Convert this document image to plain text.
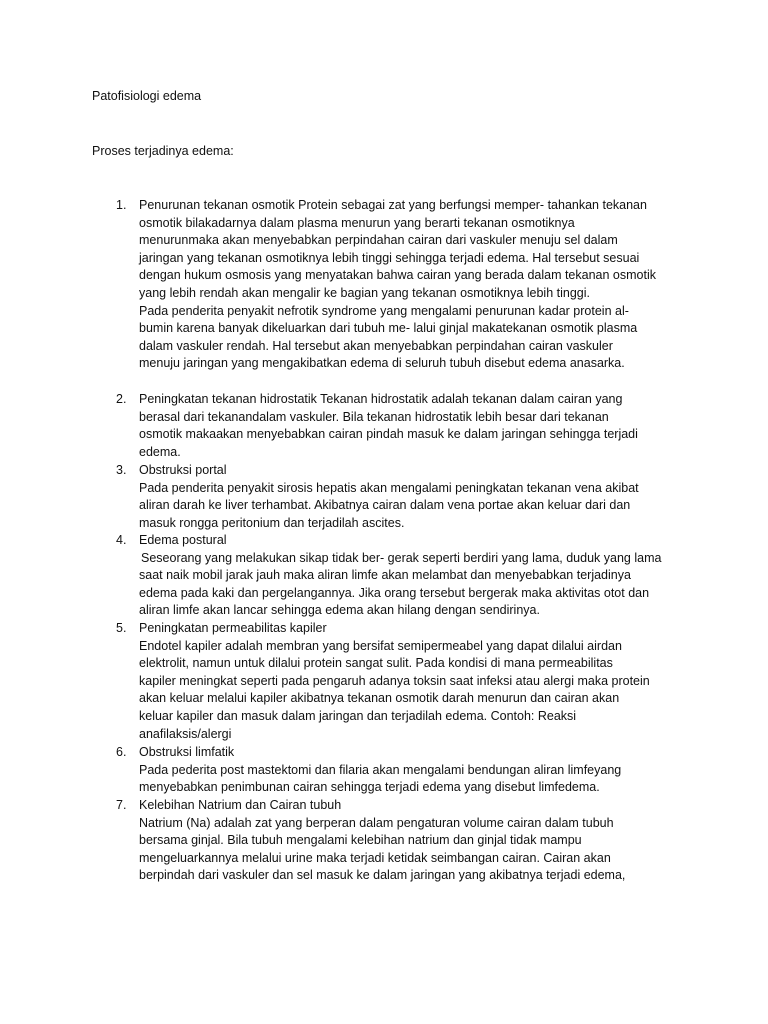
Patofisiologi edema
Proses terjadinya edema:
1. Penurunan tekanan osmotik Protein sebagai zat yang berfungsi memper- tahankan tekanan
osmotik bilakadarnya dalam plasma menurun yang berarti tekanan osmotiknya
menurunmaka akan menyebabkan perpindahan cairan dari vaskuler menuju sel dalam
jaringan yang tekanan osmotiknya lebih tinggi sehingga terjadi edema. Hal tersebut sesuai
dengan hukum osmosis yang menyatakan bahwa cairan yang berada dalam tekanan osmotik
yang lebih rendah akan mengalir ke bagian yang tekanan osmotiknya lebih tinggi.
Pada penderita penyakit nefrotik syndrome yang mengalami penurunan kadar protein al-
bumin karena banyak dikeluarkan dari tubuh me- lalui ginjal makatekanan osmotik plasma
dalam vaskuler rendah. Hal tersebut akan menyebabkan perpindahan cairan vaskuler
menuju jaringan yang mengakibatkan edema di seluruh tubuh disebut edema anasarka.
2. Peningkatan tekanan hidrostatik Tekanan hidrostatik adalah tekanan dalam cairan yang
berasal dari tekanandalam vaskuler. Bila tekanan hidrostatik lebih besar dari tekanan
osmotik makaakan menyebabkan cairan pindah masuk ke dalam jaringan sehingga terjadi
edema.
3. Obstruksi portal
Pada penderita penyakit sirosis hepatis akan mengalami peningkatan tekanan vena akibat
aliran darah ke liver terhambat. Akibatnya cairan dalam vena portae akan keluar dari dan
masuk rongga peritonium dan terjadilah ascites.
4. Edema postural
Seseorang yang melakukan sikap tidak ber- gerak seperti berdiri yang lama, duduk yang lama
saat naik mobil jarak jauh maka aliran limfe akan melambat dan menyebabkan terjadinya
edema pada kaki dan pergelangannya. Jika orang tersebut bergerak maka aktivitas otot dan
aliran limfe akan lancar sehingga edema akan hilang dengan sendirinya.
5. Peningkatan permeabilitas kapiler
Endotel kapiler adalah membran yang bersifat semipermeabel yang dapat dilalui airdan
elektrolit, namun untuk dilalui protein sangat sulit. Pada kondisi di mana permeabilitas
kapiler meningkat seperti pada pengaruh adanya toksin saat infeksi atau alergi maka protein
akan keluar melalui kapiler akibatnya tekanan osmotik darah menurun dan cairan akan
keluar kapiler dan masuk dalam jaringan dan terjadilah edema. Contoh: Reaksi
anafilaksis/alergi
6. Obstruksi limfatik
Pada pederita post mastektomi dan filaria akan mengalami bendungan aliran limfeyang
menyebabkan penimbunan cairan sehingga terjadi edema yang disebut limfedema.
7. Kelebihan Natrium dan Cairan tubuh
Natrium (Na) adalah zat yang berperan dalam pengaturan volume cairan dalam tubuh
bersama ginjal. Bila tubuh mengalami kelebihan natrium dan ginjal tidak mampu
mengeluarkannya melalui urine maka terjadi ketidak seimbangan cairan. Cairan akan
berpindah dari vaskuler dan sel masuk ke dalam jaringan yang akibatnya terjadi edema,
